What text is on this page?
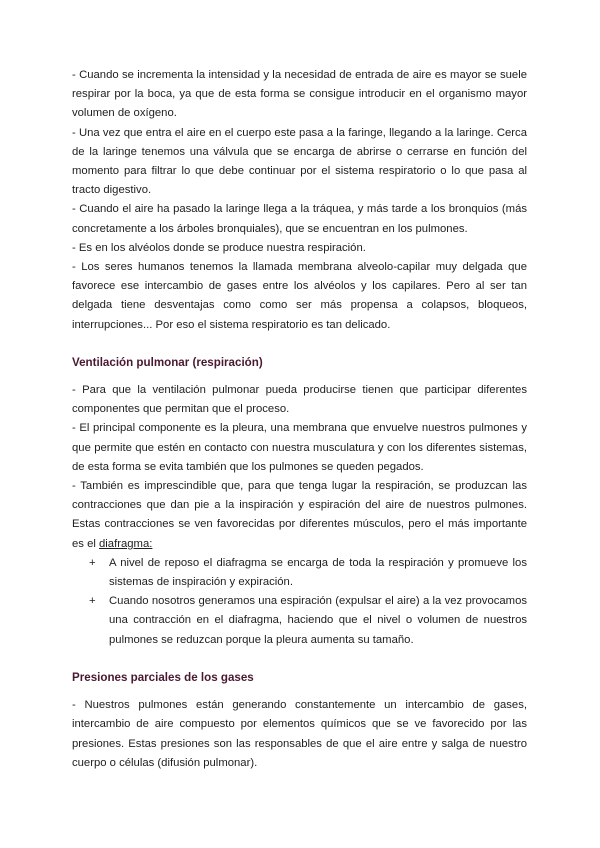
- Cuando se incrementa la intensidad y la necesidad de entrada de aire es mayor se suele respirar por la boca, ya que de esta forma se consigue introducir en el organismo mayor volumen de oxígeno.

- Una vez que entra el aire en el cuerpo este pasa a la faringe, llegando a la laringe. Cerca de la laringe tenemos una válvula que se encarga de abrirse o cerrarse en función del momento para filtrar lo que debe continuar por el sistema respiratorio o lo que pasa al tracto digestivo.

- Cuando el aire ha pasado la laringe llega a la tráquea, y más tarde a los bronquios (más concretamente a los árboles bronquiales), que se encuentran en los pulmones.

- Es en los alvéolos donde se produce nuestra respiración.

- Los seres humanos tenemos la llamada membrana alveolo-capilar muy delgada que favorece ese intercambio de gases entre los alvéolos y los capilares. Pero al ser tan delgada tiene desventajas como como ser más propensa a colapsos, bloqueos, interrupciones... Por eso el sistema respiratorio es tan delicado.

Ventilación pulmonar (respiración)

- Para que la ventilación pulmonar pueda producirse tienen que participar diferentes componentes que permitan que el proceso.

- El principal componente es la pleura, una membrana que envuelve nuestros pulmones y que permite que estén en contacto con nuestra musculatura y con los diferentes sistemas, de esta forma se evita también que los pulmones se queden pegados.

- También es imprescindible que, para que tenga lugar la respiración, se produzcan las contracciones que dan pie a la inspiración y espiración del aire de nuestros pulmones. Estas contracciones se ven favorecidas por diferentes músculos, pero el más importante es el diafragma:

+ A nivel de reposo el diafragma se encarga de toda la respiración y promueve los sistemas de inspiración y expiración.
+ Cuando nosotros generamos una espiración (expulsar el aire) a la vez provocamos una contracción en el diafragma, haciendo que el nivel o volumen de nuestros pulmones se reduzcan porque la pleura aumenta su tamaño.
Presiones parciales de los gases

- Nuestros pulmones están generando constantemente un intercambio de gases, intercambio de aire compuesto por elementos químicos que se ve favorecido por las presiones. Estas presiones son las responsables de que el aire entre y salga de nuestro cuerpo o células (difusión pulmonar).
